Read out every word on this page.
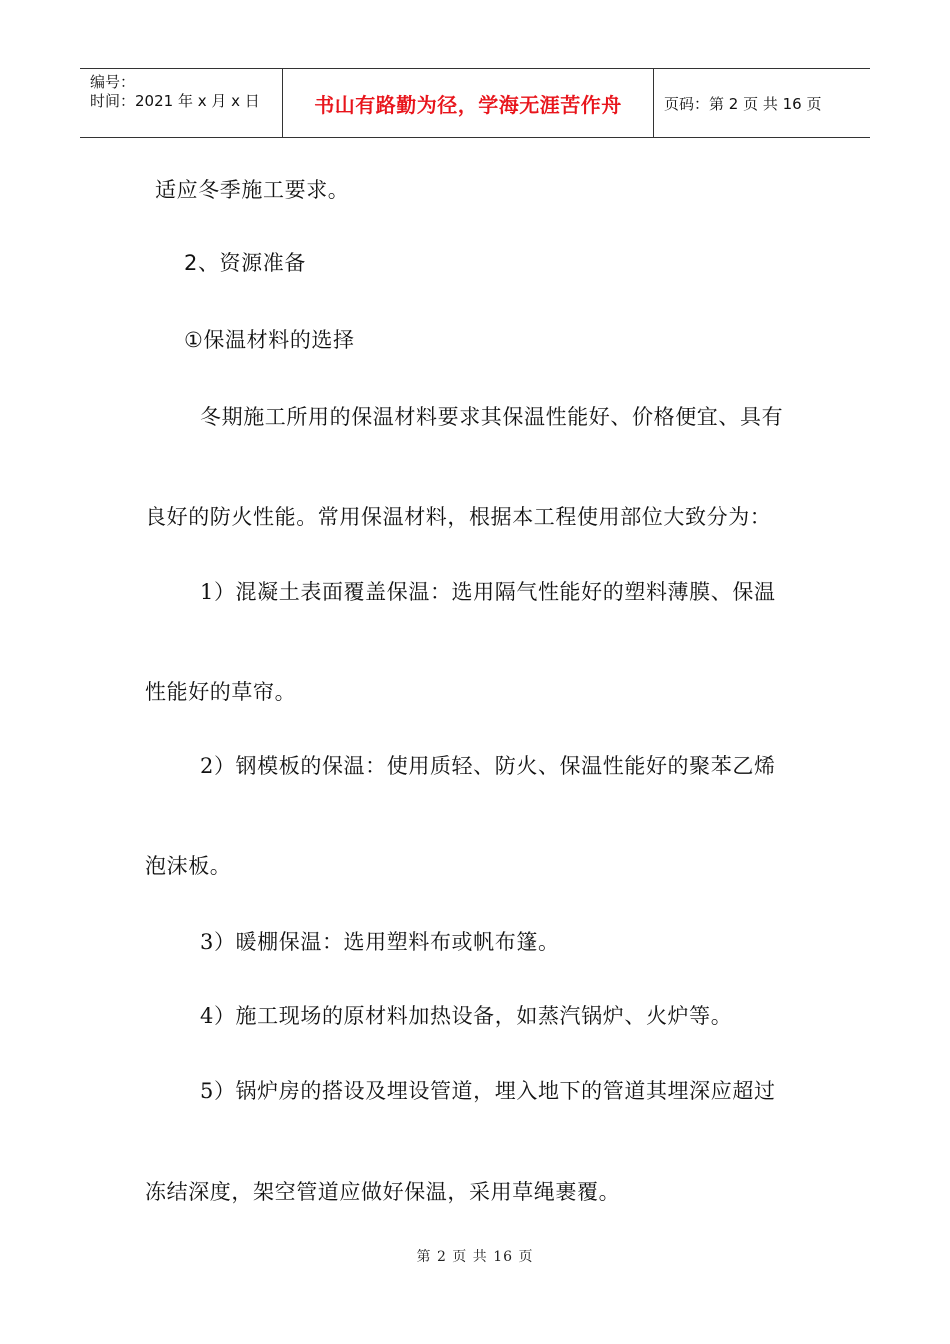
编号：
时间：2021 年 x 月 x 日	书山有路勤为径，学海无涯苦作舟	页码：第 2 页 共 16 页
适应冬季施工要求。
2、资源准备
①保温材料的选择
冬期施工所用的保温材料要求其保温性能好、价格便宜、具有
良好的防火性能。常用保温材料，根据本工程使用部位大致分为：
1）混凝土表面覆盖保温：选用隔气性能好的塑料薄膜、保温
性能好的草帘。
2）钢模板的保温：使用质轻、防火、保温性能好的聚苯乙烯
泡沫板。
3）暖棚保温：选用塑料布或帆布篷。
4）施工现场的原材料加热设备，如蒸汽锅炉、火炉等。
5）锅炉房的搭设及埋设管道，埋入地下的管道其埋深应超过
冻结深度，架空管道应做好保温，采用草绳裹覆。
第 2 页 共 16 页
